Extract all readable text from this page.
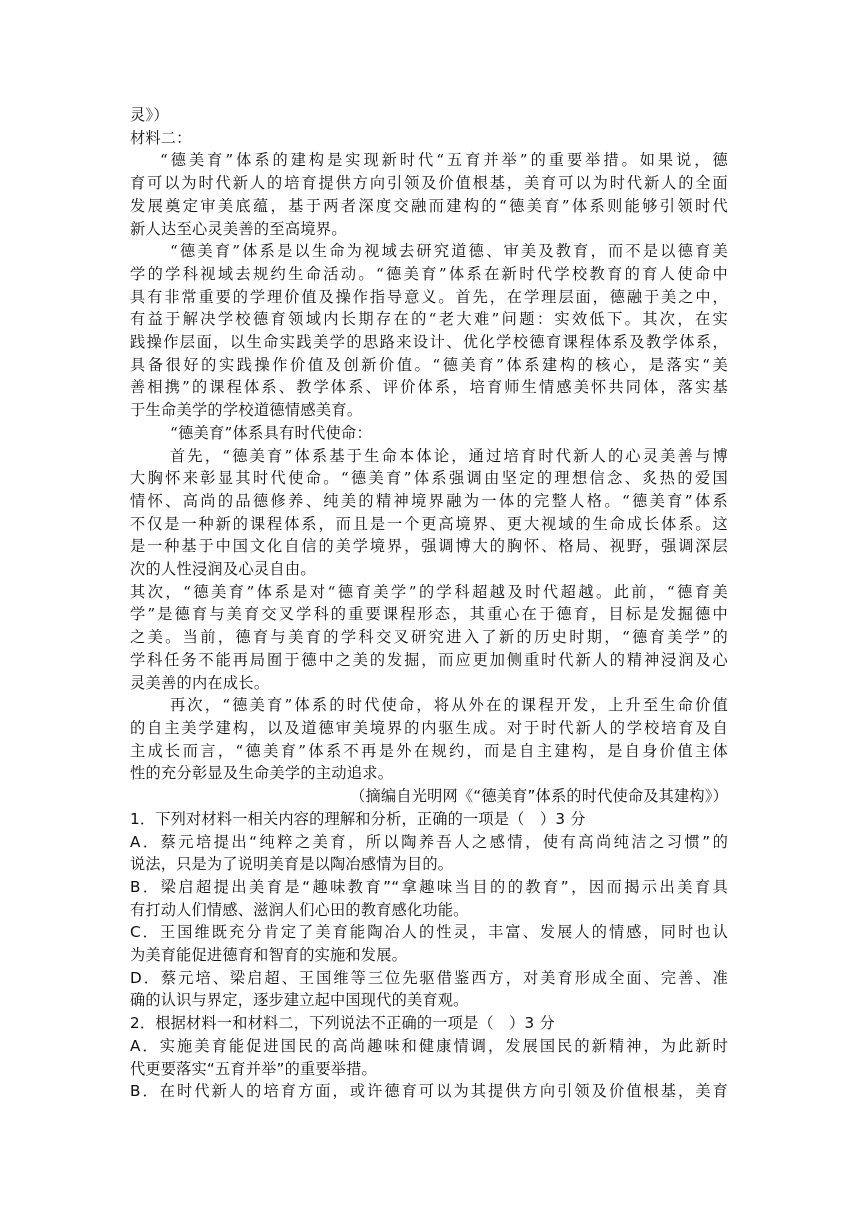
灵》）
材料二：
“德美育”体系的建构是实现新时代“五育并举”的重要举措。如果说，德
育可以为时代新人的培育提供方向引领及价值根基，美育可以为时代新人的全面
发展奠定审美底蕴，基于两者深度交融而建构的“德美育”体系则能够引领时代
新人达至心灵美善的至高境界。
“德美育”体系是以生命为视域去研究道德、审美及教育，而不是以德育美
学的学科视域去规约生命活动。“德美育”体系在新时代学校教育的育人使命中
具有非常重要的学理价值及操作指导意义。首先，在学理层面，德融于美之中，
有益于解决学校德育领域内长期存在的“老大难”问题：实效低下。其次，在实
践操作层面，以生命实践美学的思路来设计、优化学校德育课程体系及教学体系，
具备很好的实践操作价值及创新价值。“德美育”体系建构的核心，是落实“美
善相携”的课程体系、教学体系、评价体系，培育师生情感美怀共同体，落实基
于生命美学的学校道德情感美育。
“德美育”体系具有时代使命：
首先，“德美育”体系基于生命本体论，通过培育时代新人的心灵美善与博
大胸怀来彰显其时代使命。“德美育”体系强调由坚定的理想信念、炙热的爱国
情怀、高尚的品德修养、纯美的精神境界融为一体的完整人格。“德美育”体系
不仅是一种新的课程体系，而且是一个更高境界、更大视域的生命成长体系。这
是一种基于中国文化自信的美学境界，强调博大的胸怀、格局、视野，强调深层
次的人性浸润及心灵自由。
其次，“德美育”体系是对“德育美学”的学科超越及时代超越。此前，“德育美
学”是德育与美育交叉学科的重要课程形态，其重心在于德育，目标是发掘德中
之美。当前，德育与美育的学科交叉研究进入了新的历史时期，“德育美学”的
学科任务不能再局囿于德中之美的发掘，而应更加侧重时代新人的精神浸润及心
灵美善的内在成长。
再次，“德美育”体系的时代使命，将从外在的课程开发，上升至生命价值
的自主美学建构，以及道德审美境界的内驱生成。对于时代新人的学校培育及自
主成长而言，“德美育”体系不再是外在规约，而是自主建构，是自身价值主体
性的充分彰显及生命美学的主动追求。
（摘编自光明网《“德美育”体系的时代使命及其建构》）
1．下列对材料一相关内容的理解和分析，正确的一项是（　）3 分
A．蔡元培提出“纯粹之美育，所以陶养吾人之感情，使有高尚纯洁之习惯”的
说法，只是为了说明美育是以陶冶感情为目的。
B．梁启超提出美育是“趣味教育”“拿趣味当目的的教育”，因而揭示出美育具
有打动人们情感、滋润人们心田的教育感化功能。
C．王国维既充分肯定了美育能陶冶人的性灵，丰富、发展人的情感，同时也认
为美育能促进德育和智育的实施和发展。
D．蔡元培、梁启超、王国维等三位先驱借鉴西方，对美育形成全面、完善、准
确的认识与界定，逐步建立起中国现代的美育观。
2．根据材料一和材料二，下列说法不正确的一项是（　）3 分
A．实施美育能促进国民的高尚趣味和健康情调，发展国民的新精神，为此新时
代更要落实“五育并举”的重要举措。
B．在时代新人的培育方面，或许德育可以为其提供方向引领及价值根基，美育
